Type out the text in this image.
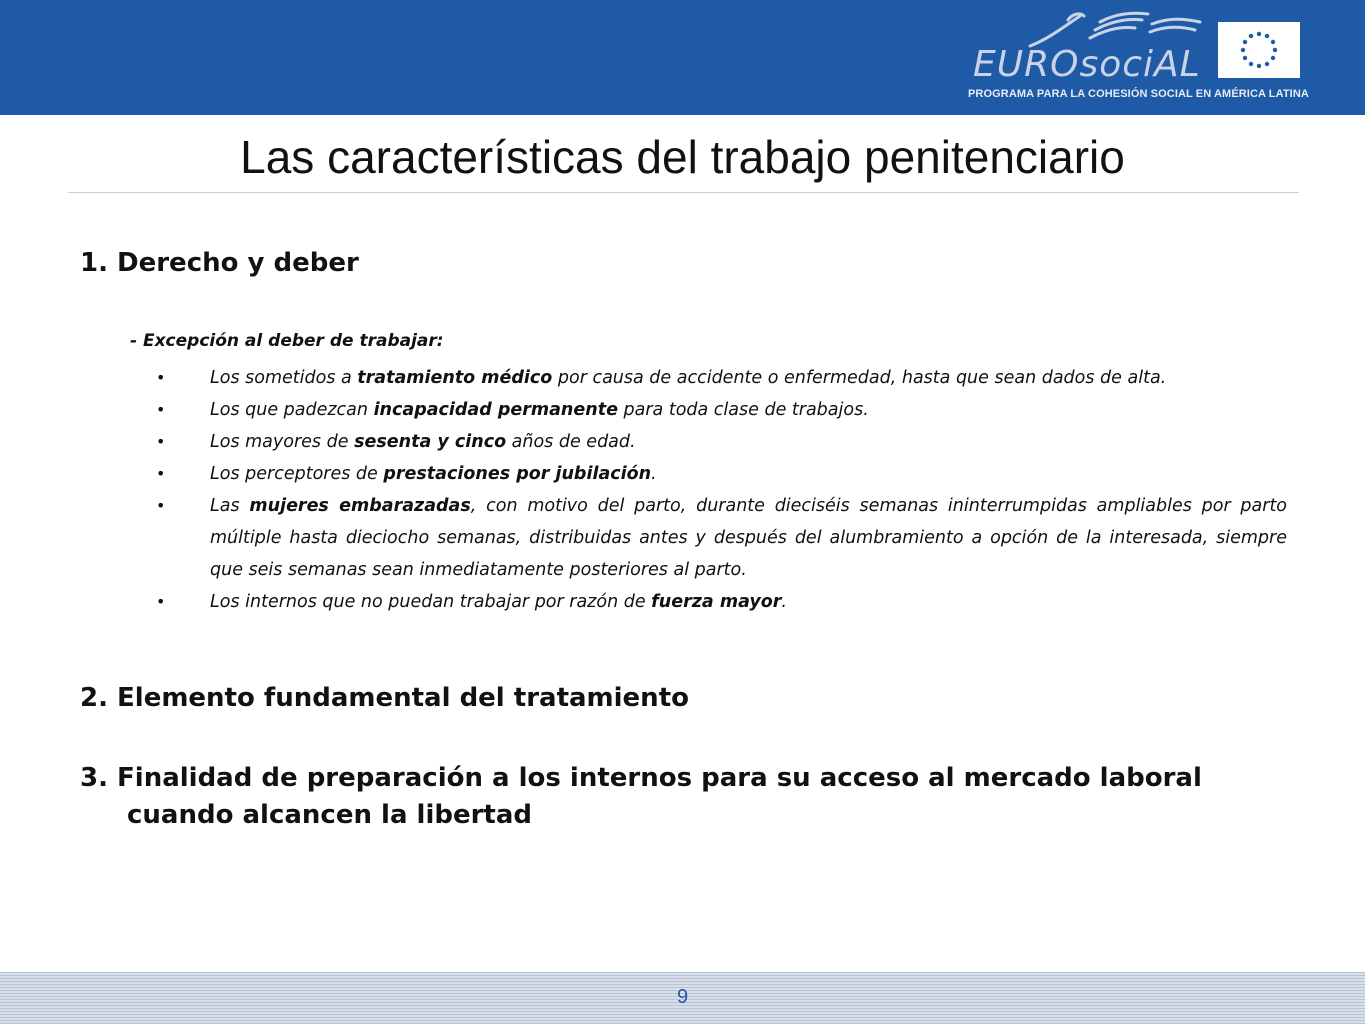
EUROsociAL
PROGRAMA PARA LA COHESIÓN SOCIAL EN AMÉRICA LATINA
Las características del trabajo penitenciario
1. Derecho y deber
- Excepción al deber de trabajar:
•	Los sometidos a tratamiento médico por causa de accidente o enfermedad, hasta que sean dados de alta.
•	Los que padezcan incapacidad permanente para toda clase de trabajos.
•	Los mayores de sesenta y cinco años de edad.
•	Los perceptores de prestaciones por jubilación.
•	Las mujeres embarazadas, con motivo del parto, durante dieciséis semanas ininterrumpidas ampliables por parto múltiple hasta dieciocho semanas, distribuidas antes y después del alumbramiento a opción de la interesada, siempre que seis semanas sean inmediatamente posteriores al parto.
•	Los internos que no puedan trabajar por razón de fuerza mayor.
2. Elemento fundamental del tratamiento
3. Finalidad de preparación a los internos para su acceso al mercado laboral
cuando alcancen la libertad
9
